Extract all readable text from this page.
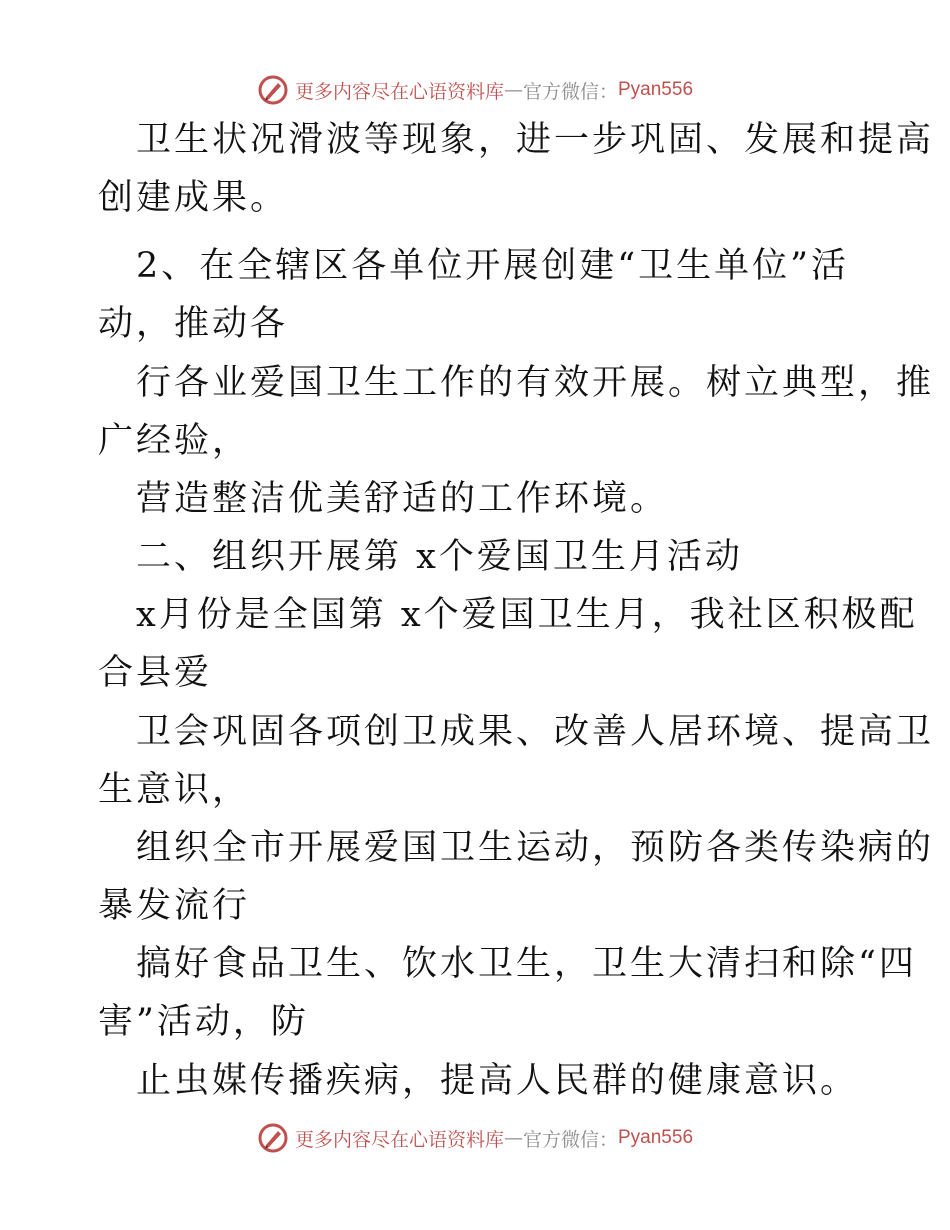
更多内容尽在心语资料库 — 官方微信： Pyan556
卫生状况滑波等现象，进一步巩固、发展和提高
创建成果。
2、在全辖区各单位开展创建“卫生单位”活
动，推动各
行各业爱国卫生工作的有效开展。树立典型，推
广经验，
营造整洁优美舒适的工作环境。
二、组织开展第 x个爱国卫生月活动
x月份是全国第 x个爱国卫生月，我社区积极配
合县爱
卫会巩固各项创卫成果、改善人居环境、提高卫
生意识，
组织全市开展爱国卫生运动，预防各类传染病的
暴发流行
搞好食品卫生、饮水卫生，卫生大清扫和除“四
害”活动，防
止虫媒传播疾病，提高人民群的健康意识。
更多内容尽在心语资料库 — 官方微信： Pyan556
